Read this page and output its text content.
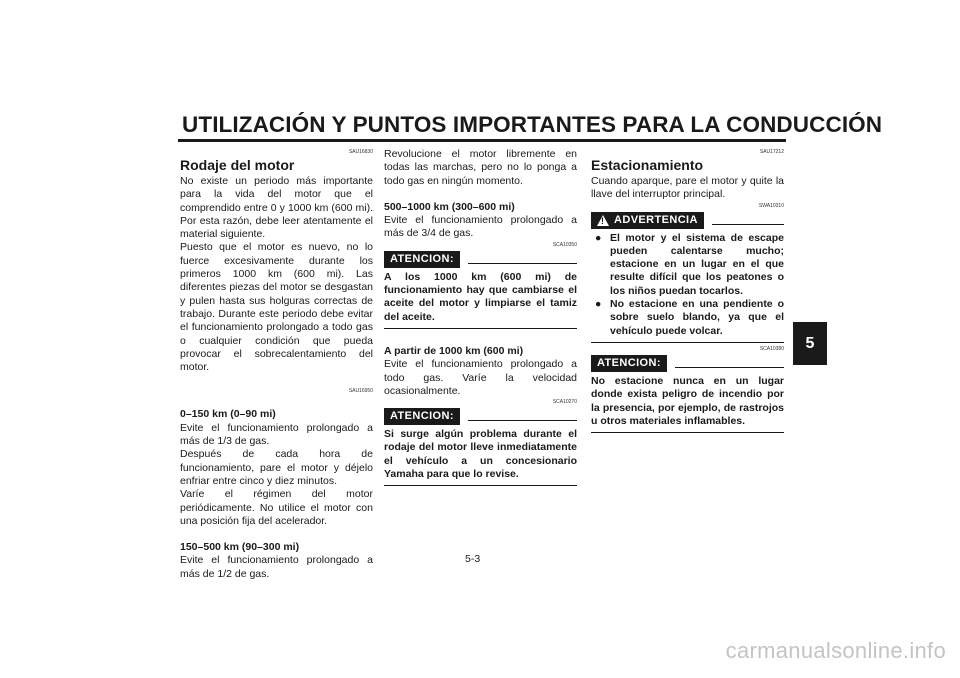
UTILIZACIÓN Y PUNTOS IMPORTANTES PARA LA CONDUCCIÓN
5
SAU16830
Rodaje del motor

No existe un periodo más importante para la vida del motor que el comprendido entre 0 y 1000 km (600 mi). Por esta razón, debe leer atentamente el material siguiente.

Puesto que el motor es nuevo, no lo fuerce excesivamente durante los primeros 1000 km (600 mi). Las diferentes piezas del motor se desgastan y pulen hasta sus holguras correctas de trabajo. Durante este periodo debe evitar el funcionamiento prolongado a todo gas o cualquier condición que pueda provocar el sobrecalentamiento del motor.

SAU16950

0–150 km (0–90 mi)

Evite el funcionamiento prolongado a más de 1/3 de gas.

Después de cada hora de funcionamiento, pare el motor y déjelo enfriar entre cinco y diez minutos.

Varíe el régimen del motor periódicamente. No utilice el motor con una posición fija del acelerador.

150–500 km (90–300 mi)

Evite el funcionamiento prolongado a más de 1/2 de gas.

Revolucione el motor libremente en todas las marchas, pero no lo ponga a todo gas en ningún momento.

500–1000 km (300–600 mi)

Evite el funcionamiento prolongado a más de 3/4 de gas.

SCA10350
ATENCION:
A los 1000 km (600 mi) de funcionamiento hay que cambiarse el aceite del motor y limpiarse el tamiz del aceite.

A partir de 1000 km (600 mi)

Evite el funcionamiento prolongado a todo gas. Varíe la velocidad ocasionalmente.

SCA10270
ATENCION:
Si surge algún problema durante el rodaje del motor lleve inmediatamente el vehículo a un concesionario Yamaha para que lo revise.
SAU17212
Estacionamiento

Cuando aparque, pare el motor y quite la llave del interruptor principal.

SWA10310
! ADVERTENCIA
● El motor y el sistema de escape pueden calentarse mucho; estacione en un lugar en el que resulte difícil que los peatones o los niños puedan tocarlos.
● No estacione en una pendiente o sobre suelo blando, ya que el vehículo puede volcar.
SCA10380
ATENCION:
No estacione nunca en un lugar donde exista peligro de incendio por la presencia, por ejemplo, de rastrojos u otros materiales inflamables.
5-3
carmanualsonline.info
